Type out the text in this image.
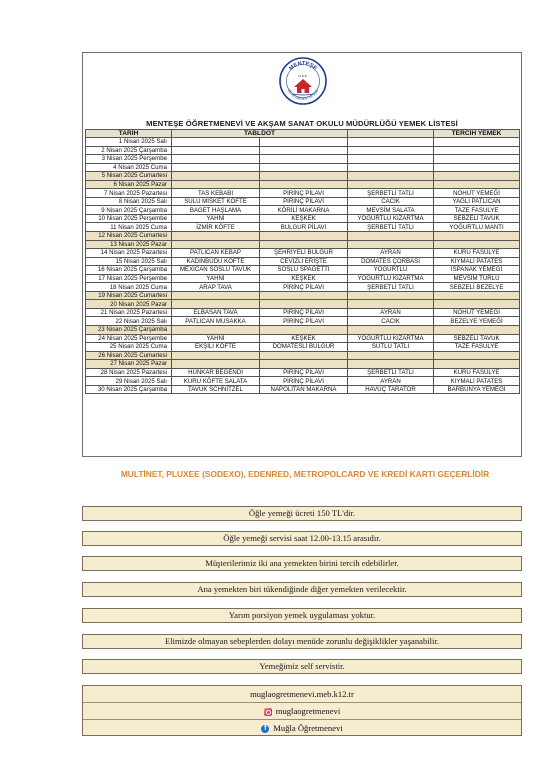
MENTEŞE
ÖĞRETMENEVİ VE ASO
M.E.B.
MENTEŞE ÖĞRETMENEVİ VE AKŞAM SANAT OKULU MÜDÜRLÜĞÜ YEMEK LİSTESİ
TARİH	TABLDOT			TERCİH YEMEK
1 Nisan 2025 Salı				
2 Nisan 2025 Çarşamba				
3 Nisan 2025 Perşembe				
4 Nisan 2025 Cuma				
5 Nisan 2025 Cumartesi				
6 Nisan 2025 Pazar				
7 Nisan 2025 Pazartesi	TAS KEBABI	PİRİNÇ PİLAVI	ŞERBETLİ TATLI	NOHUT YEMEĞİ
8 Nisan 2025 Salı	SULU MİSKET KÖFTE	PİRİNÇ PİLAVI	CACIK	YAĞLI PATLICAN
9 Nisan 2025 Çarşamba	BAGET HAŞLAMA	KÖRİLİ MAKARNA	MEVSİM SALATA	TAZE FASULYE
10 Nisan 2025 Perşembe	YAHNİ	KEŞKEK	YOĞURTLU KIZARTMA	SEBZELİ TAVUK
11 Nisan 2025 Cuma	İZMİR KÖFTE	BULGUR PİLAVI	ŞERBETLİ TATLI	YOĞURTLU MANTI
12 Nisan 2025 Cumartesi				
13 Nisan 2025 Pazar				
14 Nisan 2025 Pazartesi	PATLICAN KEBAP	ŞEHRİYELİ BULGUR	AYRAN	KURU FASULYE
15 Nisan 2025 Salı	KADINBUDU KÖFTE	CEVİZLİ ERİŞTE	DOMATES ÇORBASI	KIYMALI PATATES
16 Nisan 2025 Çarşamba	MEXICAN SOSLU TAVUK	SOSLU SPAGETTİ	YOĞURTLU	ISPANAK YEMEĞİ
17 Nisan 2025 Perşembe	YAHNİ	KEŞKEK	YOĞURTLU KIZARTMA	MEVSİM TÜRLÜ
18 Nisan 2025 Cuma	ARAP TAVA	PİRİNÇ PİLAVI	ŞERBETLİ TATLI	SEBZELİ BEZELYE
19 Nisan 2025 Cumartesi				
20 Nisan 2025 Pazar				
21 Nisan 2025 Pazartesi	ELBASAN TAVA	PİRİNÇ PİLAVI	AYRAN	NOHUT YEMEĞİ
22 Nisan 2025 Salı	PATLICAN MUSAKKA	PİRİNÇ PİLAVI	CACIK	BEZELYE YEMEĞİ
23 Nisan 2025 Çarşamba				
24 Nisan 2025 Perşembe	YAHNİ	KEŞKEK	YOĞURTLU KIZARTMA	SEBZELİ TAVUK
25 Nisan 2025 Cuma	EKŞİLİ KÖFTE	DOMATESLİ BULGUR	SÜTLÜ TATLI	TAZE FASULYE
26 Nisan 2025 Cumartesi				
27 Nisan 2025 Pazar				
28 Nisan 2025 Pazartesi	HÜNKAR BEĞENDİ	PİRİNÇ PİLAVI	ŞERBETLİ TATLI	KURU FASULYE
29 Nisan 2025 Salı	KURU KÖFTE SALATA	PİRİNÇ PİLAVI	AYRAN	KIYMALI PATATES
30 Nisan 2025 Çarşamba	TAVUK SCHNİTZEL	NAPOLİTAN MAKARNA	HAVUÇ TARATOR	BARBUNYA YEMEĞİ
MULTİNET, PLUXEE (SODEXO), EDENRED, METROPOLCARD VE KREDİ KARTI GEÇERLİDİR
Öğle yemeği ücreti 150 TL'dir.
Öğle yemeği servisi saat 12.00-13.15 arasıdır.
Müşterilerimiz iki ana yemekten birini tercih edebilirler.
Ana yemekten biri tükendiğinde diğer yemekten verilecektir.
Yarım porsiyon yemek uygulaması yoktur.
Elimizde olmayan sebeplerden dolayı menüde zorunlu değişiklikler yaşanabilir.
Yemeğimiz self servistir.
muglaogretmenevi.meb.k12.tr
muglaogretmenevi
f Muğla Öğretmenevi
